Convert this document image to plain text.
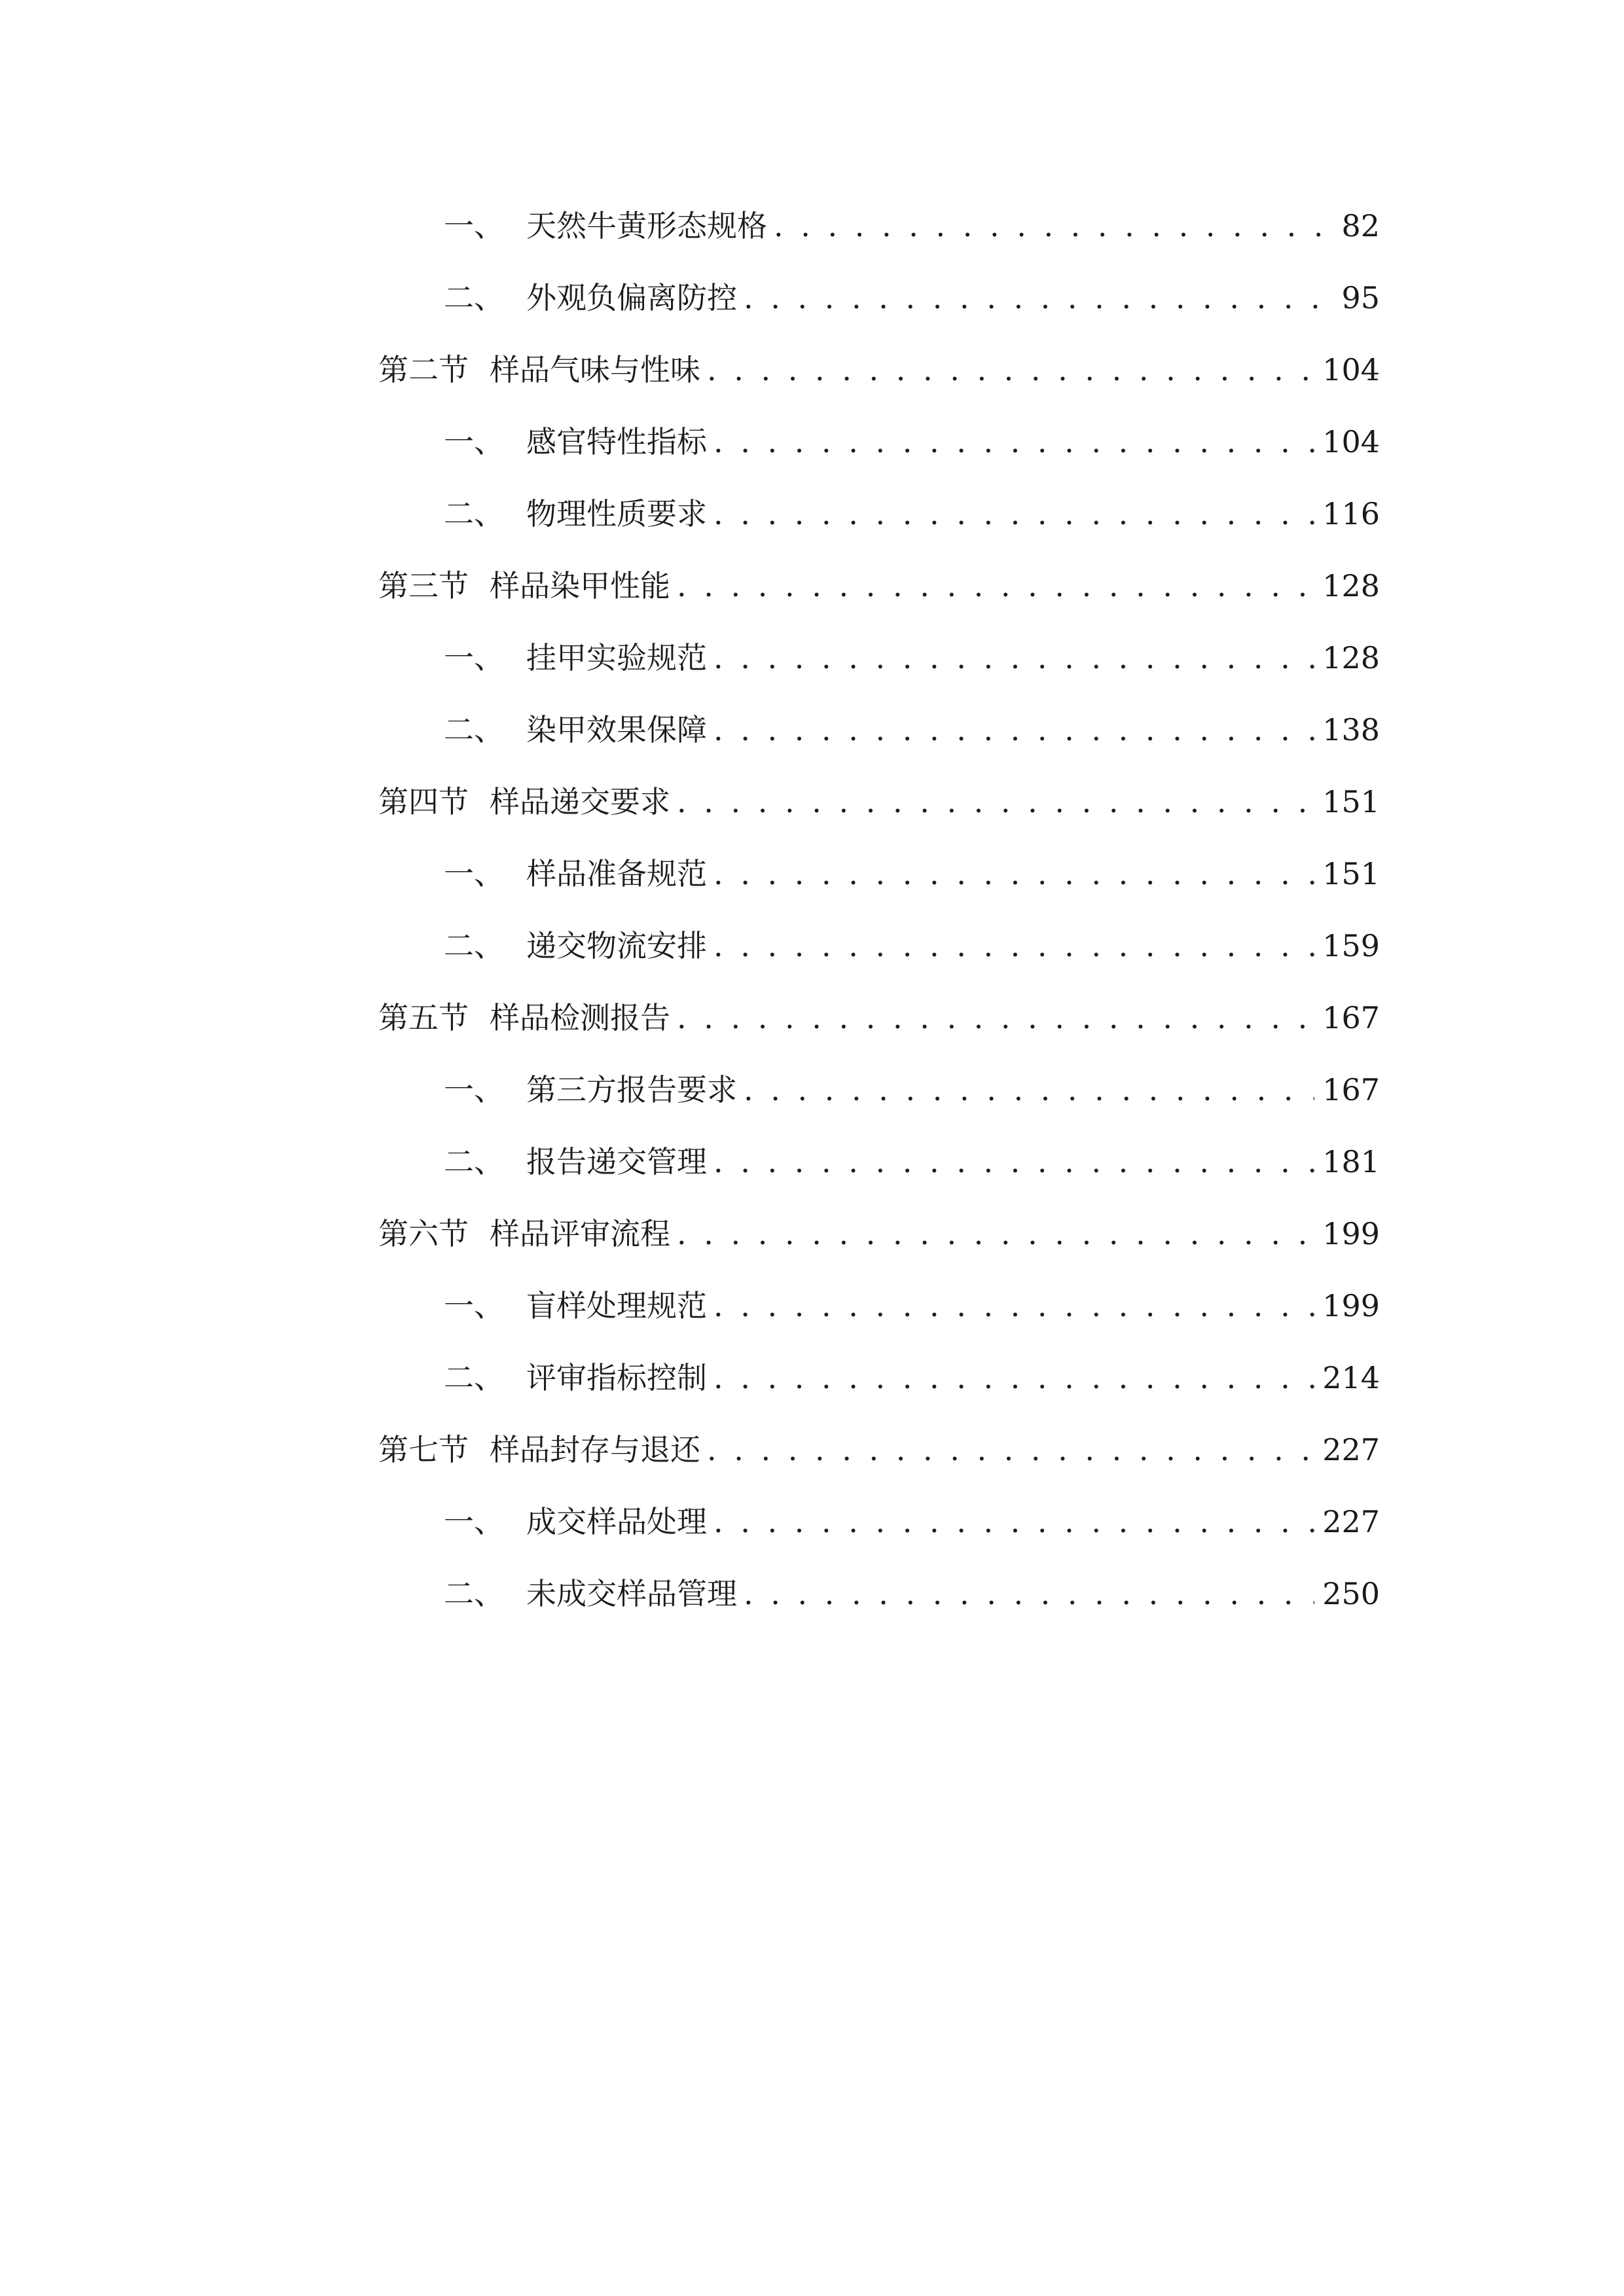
一、 天然牛黄形态规格 . . .	82
二、 外观负偏离防控 . . .	95
第二节 样品气味与性味 . . .	104
一、 感官特性指标 . . .	104
二、 物理性质要求 . . .	116
第三节 样品染甲性能 . . .	128
一、 挂甲实验规范 . . .	128
二、 染甲效果保障 . . .	138
第四节 样品递交要求 . . .	151
一、 样品准备规范 . . .	151
二、 递交物流安排 . . .	159
第五节 样品检测报告 . . .	167
一、 第三方报告要求 . . .	167
二、 报告递交管理 . . .	181
第六节 样品评审流程 . . .	199
一、 盲样处理规范 . . .	199
二、 评审指标控制 . . .	214
第七节 样品封存与退还 . . .	227
一、 成交样品处理 . . .	227
二、 未成交样品管理 . . .	250
